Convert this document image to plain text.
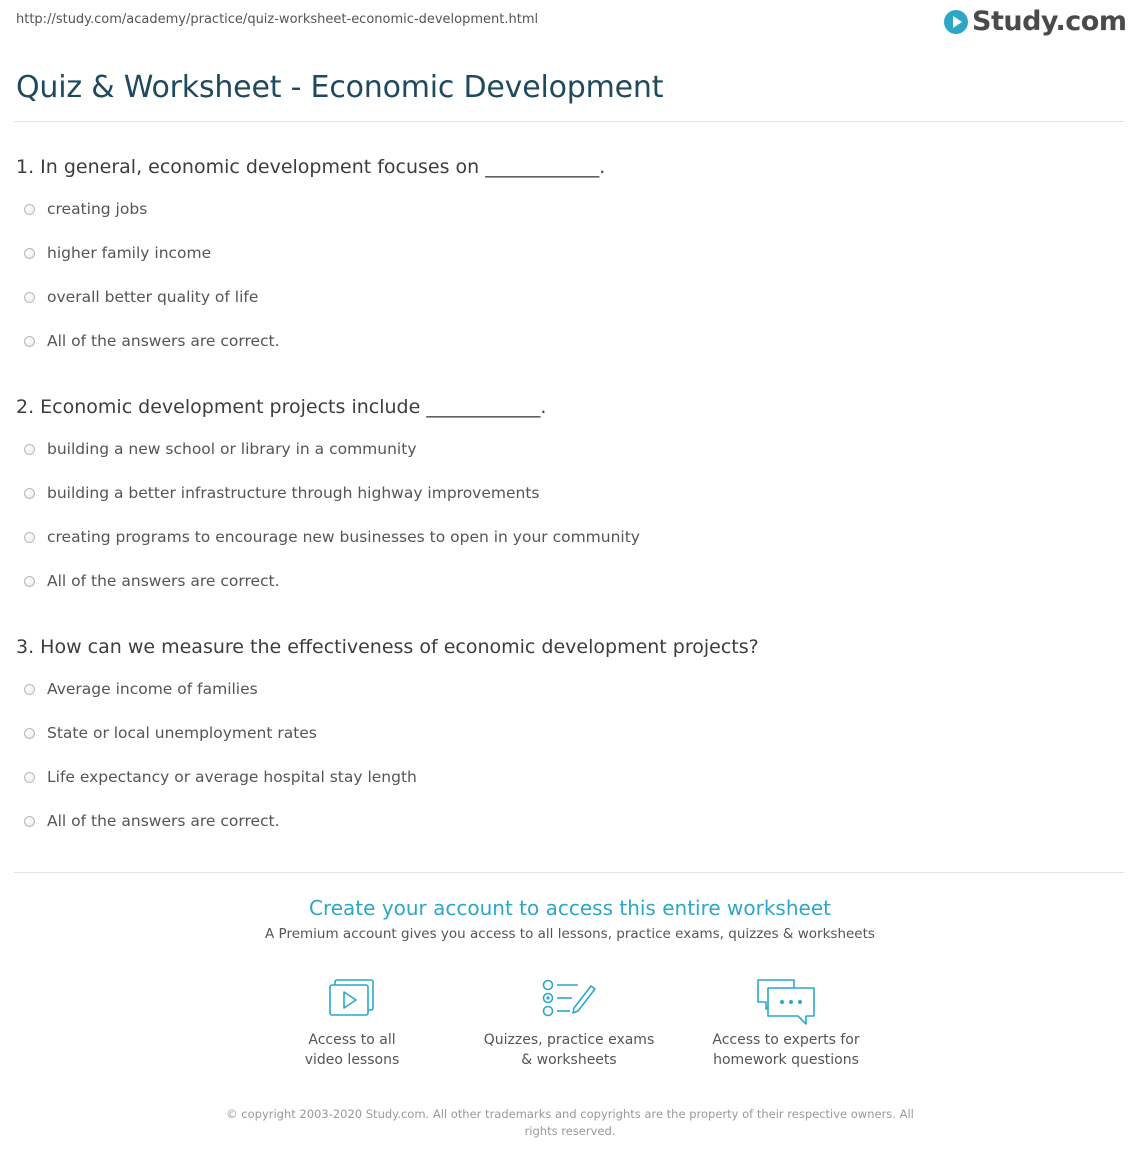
http://study.com/academy/practice/quiz-worksheet-economic-development.html	Study.com
Quiz & Worksheet - Economic Development
1. In general, economic development focuses on ____________.
creating jobs
higher family income
overall better quality of life
All of the answers are correct.
2. Economic development projects include ____________.
building a new school or library in a community
building a better infrastructure through highway improvements
creating programs to encourage new businesses to open in your community
All of the answers are correct.
3. How can we measure the effectiveness of economic development projects?
Average income of families
State or local unemployment rates
Life expectancy or average hospital stay length
All of the answers are correct.
Create your account to access this entire worksheet
A Premium account gives you access to all lessons, practice exams, quizzes & worksheets
Access to all
video lessons
Quizzes, practice exams
& worksheets
Access to experts for
homework questions
© copyright 2003-2020 Study.com. All other trademarks and copyrights are the property of their respective owners. All rights reserved.
